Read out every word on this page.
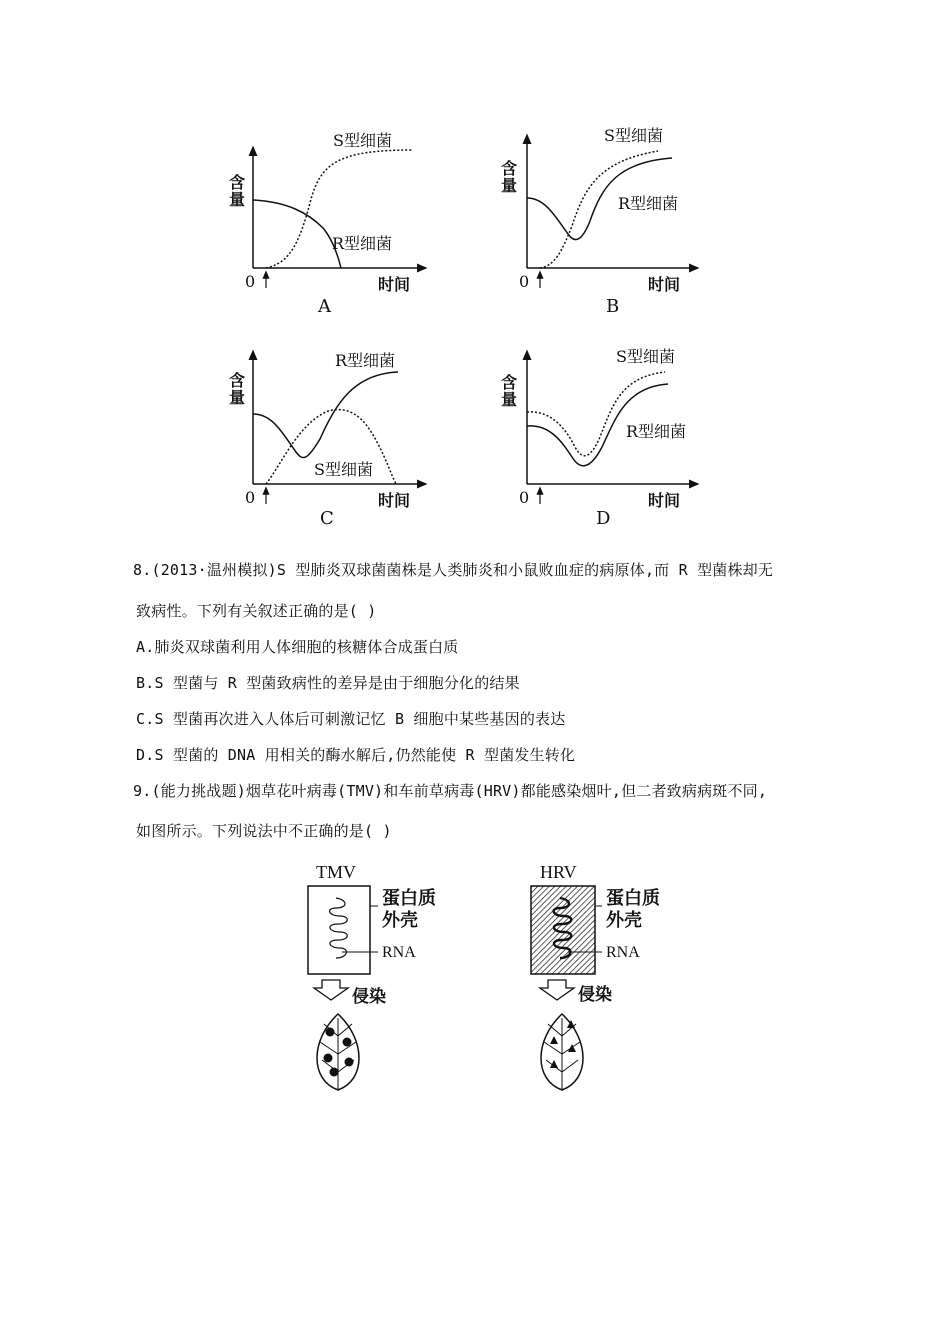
含量
0	时间
S型细菌
R型细菌
A
含量
0	时间
S型细菌
R型细菌
B
含量
0	时间
R型细菌
S型细菌
C
含量
0	时间
S型细菌
R型细菌
D
8.(2013·温州模拟)S 型肺炎双球菌菌株是人类肺炎和小鼠败血症的病原体,而 R 型菌株却无
致病性。下列有关叙述正确的是( )
A.肺炎双球菌利用人体细胞的核糖体合成蛋白质
B.S 型菌与 R 型菌致病性的差异是由于细胞分化的结果
C.S 型菌再次进入人体后可刺激记忆 B 细胞中某些基因的表达
D.S 型菌的 DNA 用相关的酶水解后,仍然能使 R 型菌发生转化
9.(能力挑战题)烟草花叶病毒(TMV)和车前草病毒(HRV)都能感染烟叶,但二者致病病斑不同,
如图所示。下列说法中不正确的是( )
TMV
蛋白质
外壳
RNA
侵染
HRV
蛋白质
外壳
RNA
侵染
